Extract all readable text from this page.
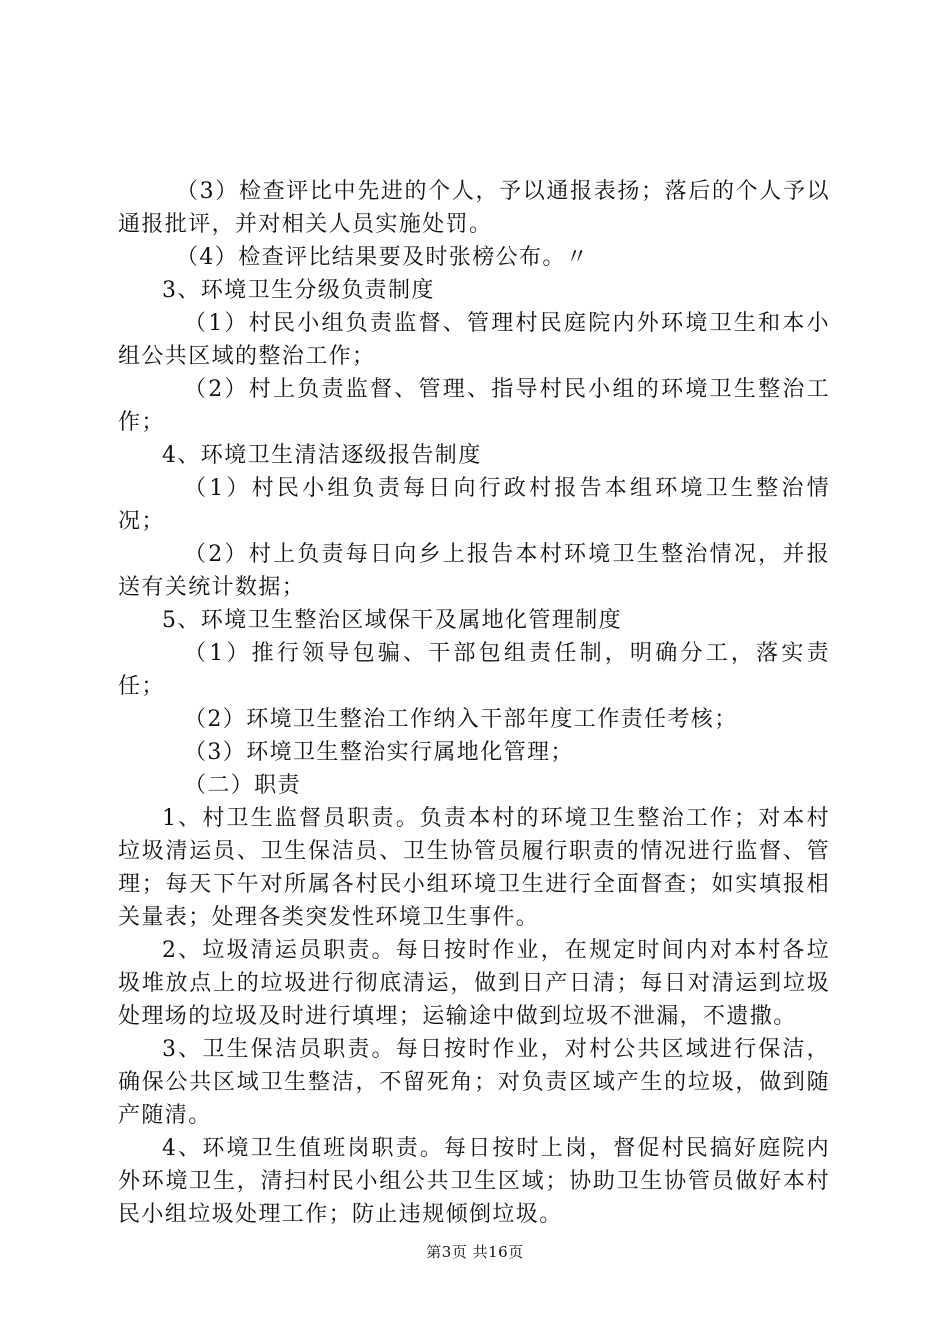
（3）检查评比中先进的个人，予以通报表扬；落后的个人予以通报批评，并对相关人员实施处罚。

（4）检查评比结果要及时张榜公布。〃

3、环境卫生分级负责制度

（1）村民小组负责监督、管理村民庭院内外环境卫生和本小组公共区域的整治工作；

（2）村上负责监督、管理、指导村民小组的环境卫生整治工作；

4、环境卫生清洁逐级报告制度

（1）村民小组负责每日向行政村报告本组环境卫生整治情况；

（2）村上负责每日向乡上报告本村环境卫生整治情况，并报送有关统计数据；

5、环境卫生整治区域保干及属地化管理制度

（1）推行领导包骗、干部包组责任制，明确分工，落实责任；

（2）环境卫生整治工作纳入干部年度工作责任考核；

（3）环境卫生整治实行属地化管理；

（二）职责

1、村卫生监督员职责。负责本村的环境卫生整治工作；对本村垃圾清运员、卫生保洁员、卫生协管员履行职责的情况进行监督、管理；每天下午对所属各村民小组环境卫生进行全面督查；如实填报相关量表；处理各类突发性环境卫生事件。

2、垃圾清运员职责。每日按时作业，在规定时间内对本村各垃圾堆放点上的垃圾进行彻底清运，做到日产日清；每日对清运到垃圾处理场的垃圾及时进行填埋；运输途中做到垃圾不泄漏，不遗撒。

3、卫生保洁员职责。每日按时作业，对村公共区域进行保洁，确保公共区域卫生整洁，不留死角；对负责区域产生的垃圾，做到随产随清。

4、环境卫生值班岗职责。每日按时上岗，督促村民搞好庭院内外环境卫生，清扫村民小组公共卫生区域；协助卫生协管员做好本村民小组垃圾处理工作；防止违规倾倒垃圾。

第3页 共16页
